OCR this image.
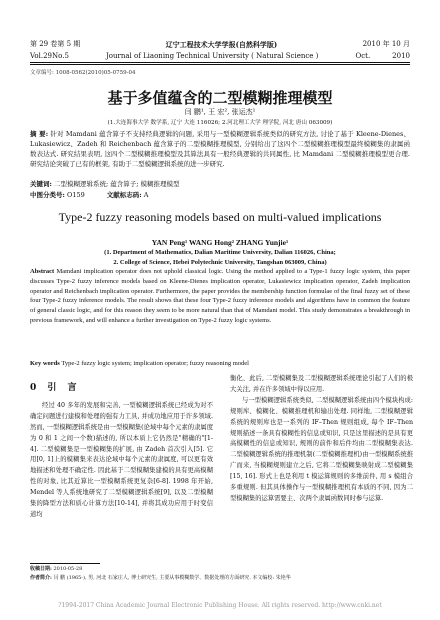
第 29 卷第 5 期	辽宁工程技术大学学报(自然科学版)	2010 年 10 月
Vol.29 No.5	Journal of Liaoning Technical University ( Natural Science )	Oct.	2010
文章编号: 1008-0562(2010)05-0759-04
基于多值蕴含的二型模糊推理模型
闫 鹏¹, 王 宏², 张运杰¹
(1.大连海事大学 数学系, 辽宁 大连 116026; 2.河北理工大学 理学院, 河北 唐山 063009)
摘 要: 针对 Mamdani 蕴含算子不支持经典逻辑的问题, 采用与一型模糊逻辑系统类似的研究方法, 讨论了基于 Kleene-Dienes、Lukasiewicz、Zadeh 和 Reichenbach 蕴含算子的二型模糊推理模型, 分别给出了这四个二型模糊推理模型最终模糊集的隶属函数表达式. 研究结果表明, 这四个二型模糊推理模型及其算法具有一般经典逻辑的共同属性, 比 Mamdani 二型模糊推理模型更合理. 研究结论突破了已有的框架, 有助于二型模糊逻辑系统的进一步研究.
关键词: 二型模糊逻辑系统; 蕴含算子; 模糊推理模型
中图分类号: O159	文献标志码: A
Type-2 fuzzy reasoning models based on multi-valued implications
YAN Peng¹ WANG Hong² ZHANG Yunjie¹
(1. Department of Mathematics, Dalian Maritime University, Dalian 116026, China;
2. College of Science, Hebei Polytechnic University, Tangshan 063009, China)
Abstract Mamdani implication operator does not uphold classical logic. Using the method applied to a Type-1 fuzzy logic system, this paper discusses Type-2 fuzzy inference models based on Kleene-Dienes implication operator, Lukasiewicz implication operator, Zadeh implication operator and Reichenbach implication operator. Furthermore, the paper provides the membership function formulae of the final fuzzy set of these four Type-2 fuzzy inference models. The result shows that these four Type-2 fuzzy inference models and algorithms have in common the feature of general classic logic, and for this reason they seem to be more natural than that of Mamdani model. This study demonstrates a breakthrough in previous framework, and will enhance a further investigation on Type-2 fuzzy logic systems.
Key words Type-2 fuzzy logic system; implication operator; fuzzy reasoning model
0 引 言

经过 40 多年的发展和完善, 一型模糊逻辑系统已经成为对不确定问题进行建模和处理的强有力工具, 并成功地应用于许多领域. 然而, 一型模糊逻辑系统是由一型模糊集(论域中每个元素的隶属度为 0 和 1 之间一个数)描述的, 所以本质上它仍然是"精确的"[1-4]. 二型模糊集是一型模糊集的扩展, 由 Zadeh 首次引入[5]. 它用[0, 1]上的模糊集来表达论域中每个元素的隶属度, 可以更有效地描述和处理不确定性. 因此基于二型模糊集建模的具有更高模糊性的对象, 比其近算比一型模糊系统更复杂[6-8]. 1998 年开始, Mendel 等人系统地研究了二型模糊逻辑系统[9], 以及二型模糊集的降型方法和质心计算方法[10-14], 并将其成功应用于时变信道均

衡化、此后, 二型模糊集及二型模糊逻辑系统理论引起了人们的极大关注, 并在许多领域中得以应用.

与一型模糊逻辑系统类似, 二型模糊逻辑系统由四个模块构成: 规则库、模糊化、模糊推理机和输出处理. 同样地, 二型模糊逻辑系统的规则库也是一系列的 IF–Then 规则组成, 每个 IF–Then 规则描述一条具有模糊性的信息或知识, 只是这里描述的是具有更高模糊性的信息或知识, 规则的前件和后件均由二型模糊集表达. 二型模糊逻辑系统的推理机制(二型模糊推理机)由一型模糊系统推广而来, 当模糊规则建立之后, 它将二型模糊集映射成二型模糊集[15, 16]. 形式上也是利用 t 模运算规则的多维前件, 用 s 模组合多重规则. 但其具体操作与一型模糊推理机有本质的不同, 因为二型模糊集的运算需要主、次两个隶属函数同时参与运算.

收稿日期: 2010-05-28
作者简介: 闫 鹏 (1965-), 男, 河北 石家庄人, 博士研究生, 主要从事模糊数学、数据处理的方面研究. 本文编校: 朱艳华
?1994-2017 China Academic Journal Electronic Publishing House. All rights reserved. http://www.cnki.net
